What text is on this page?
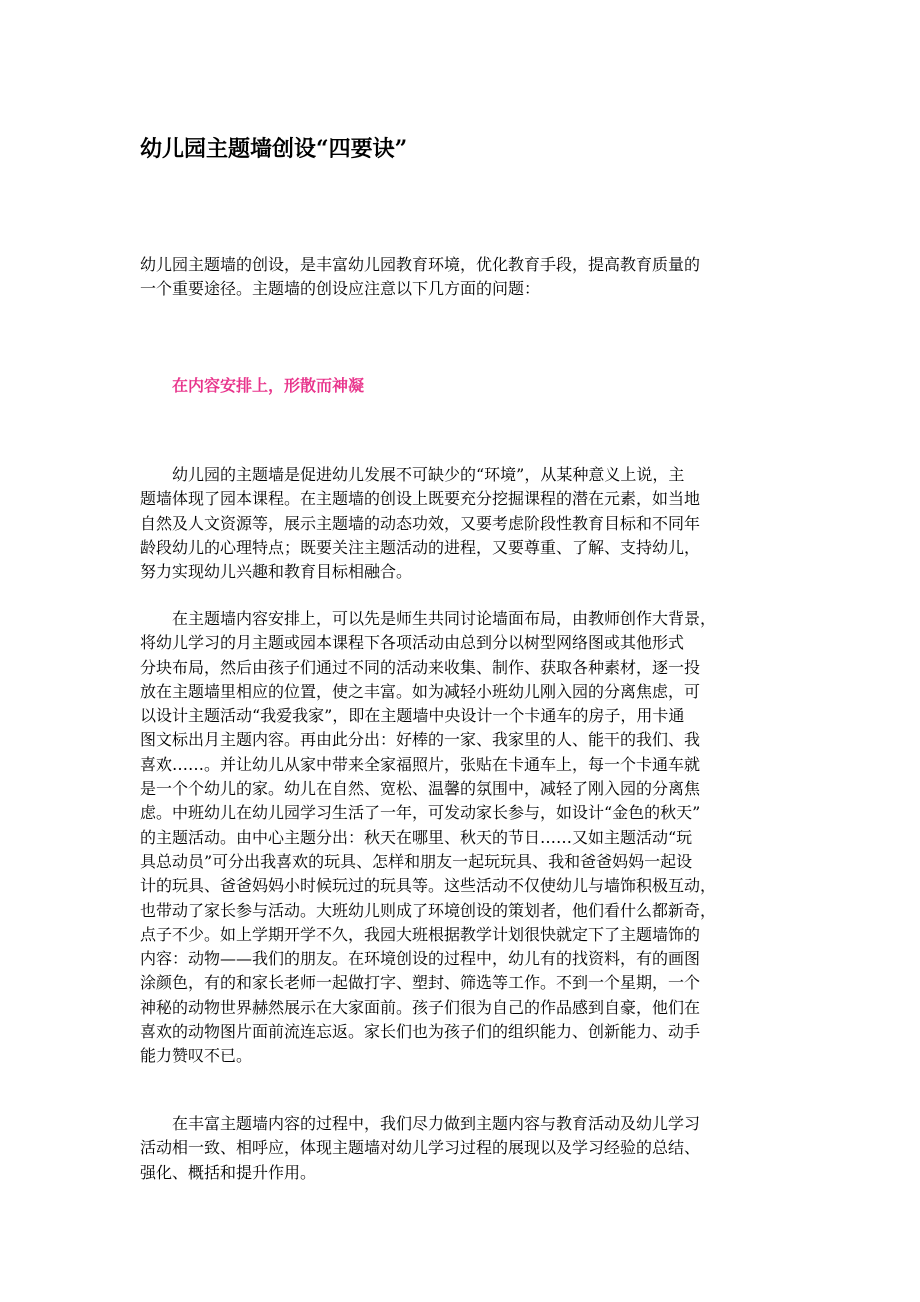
幼儿园主题墙创设“四要诀”

幼儿园主题墙的创设，是丰富幼儿园教育环境，优化教育手段，提高教育质量的
一个重要途径。主题墙的创设应注意以下几方面的问题：

在内容安排上，形散而神凝

幼儿园的主题墙是促进幼儿发展不可缺少的“环境”，从某种意义上说，主
题墙体现了园本课程。在主题墙的创设上既要充分挖掘课程的潜在元素，如当地
自然及人文资源等，展示主题墙的动态功效，又要考虑阶段性教育目标和不同年
龄段幼儿的心理特点；既要关注主题活动的进程，又要尊重、了解、支持幼儿，
努力实现幼儿兴趣和教育目标相融合。

在主题墙内容安排上，可以先是师生共同讨论墙面布局，由教师创作大背景，
将幼儿学习的月主题或园本课程下各项活动由总到分以树型网络图或其他形式
分块布局，然后由孩子们通过不同的活动来收集、制作、获取各种素材，逐一投
放在主题墙里相应的位置，使之丰富。如为减轻小班幼儿刚入园的分离焦虑，可
以设计主题活动“我爱我家”，即在主题墙中央设计一个卡通车的房子，用卡通
图文标出月主题内容。再由此分出：好棒的一家、我家里的人、能干的我们、我
喜欢……。并让幼儿从家中带来全家福照片，张贴在卡通车上，每一个卡通车就
是一个个幼儿的家。幼儿在自然、宽松、温馨的氛围中，减轻了刚入园的分离焦
虑。中班幼儿在幼儿园学习生活了一年，可发动家长参与，如设计“金色的秋天”
的主题活动。由中心主题分出：秋天在哪里、秋天的节日……又如主题活动“玩
具总动员”可分出我喜欢的玩具、怎样和朋友一起玩玩具、我和爸爸妈妈一起设
计的玩具、爸爸妈妈小时候玩过的玩具等。这些活动不仅使幼儿与墙饰积极互动，
也带动了家长参与活动。大班幼儿则成了环境创设的策划者，他们看什么都新奇，
点子不少。如上学期开学不久，我园大班根据教学计划很快就定下了主题墙饰的
内容：动物——我们的朋友。在环境创设的过程中，幼儿有的找资料，有的画图
涂颜色，有的和家长老师一起做打字、塑封、筛选等工作。不到一个星期，一个
神秘的动物世界赫然展示在大家面前。孩子们很为自己的作品感到自豪，他们在
喜欢的动物图片面前流连忘返。家长们也为孩子们的组织能力、创新能力、动手
能力赞叹不已。

在丰富主题墙内容的过程中，我们尽力做到主题内容与教育活动及幼儿学习
活动相一致、相呼应，体现主题墙对幼儿学习过程的展现以及学习经验的总结、
强化、概括和提升作用。
